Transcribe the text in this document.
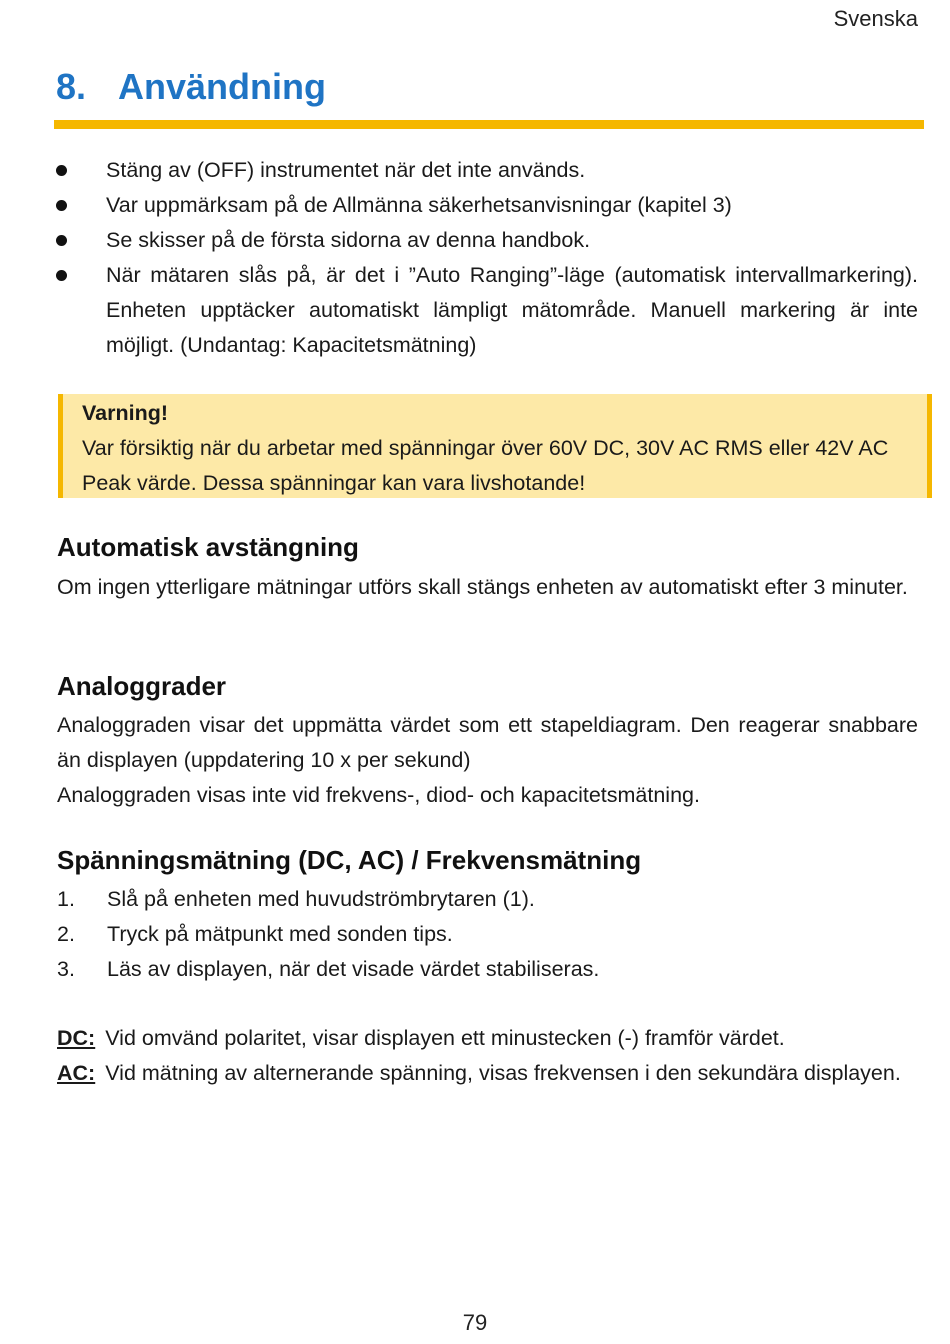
Svenska
8. Användning
Stäng av (OFF) instrumentet när det inte används.
Var uppmärksam på de Allmänna säkerhetsanvisningar (kapitel 3)
Se skisser på de första sidorna av denna handbok.
När mätaren slås på, är det i ”Auto Ranging”-läge (automatisk intervallmarkering). Enheten upptäcker automatiskt lämpligt mätområde. Manuell markering är inte möjligt. (Undantag: Kapacitetsmätning)
Varning!
Var försiktig när du arbetar med spänningar över 60V DC, 30V AC RMS eller 42V AC Peak värde. Dessa spänningar kan vara livshotande!
Automatisk avstängning

Om ingen ytterligare mätningar utförs skall stängs enheten av automatiskt efter 3 minuter.

Analoggrader

Analoggraden visar det uppmätta värdet som ett stapeldiagram. Den reagerar snabbare än displayen (uppdatering 10 x per sekund)
Analoggraden visas inte vid frekvens-, diod- och kapacitetsmätning.

Spänningsmätning (DC, AC) / Frekvensmätning
1. Slå på enheten med huvudströmbrytaren (1).
2. Tryck på mätpunkt med sonden tips.
3. Läs av displayen, när det visade värdet stabiliseras.

DC: Vid omvänd polaritet, visar displayen ett minustecken (-) framför värdet.

AC: Vid mätning av alternerande spänning, visas frekvensen i den sekundära displayen.

79
